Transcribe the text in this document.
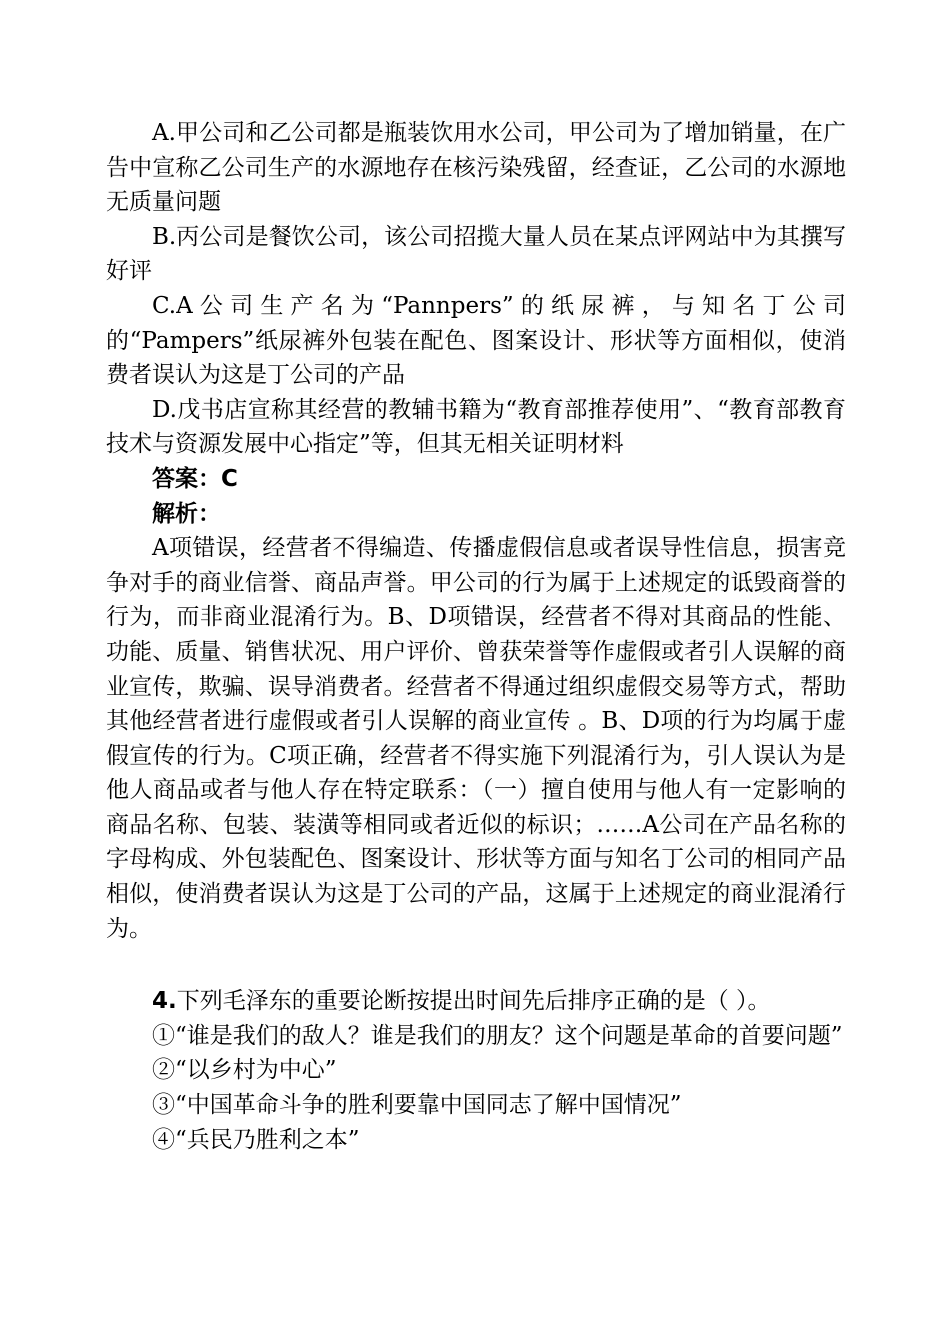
A.甲公司和乙公司都是瓶装饮用水公司，甲公司为了增加销量，在广告中宣称乙公司生产的水源地存在核污染残留，经查证，乙公司的水源地无质量问题

B.丙公司是餐饮公司，该公司招揽大量人员在某点评网站中为其撰写好评

C.A公司生产名为“Pannpers”的纸尿裤，与知名丁公司的“Pampers”纸尿裤外包装在配色、图案设计、形状等方面相似，使消费者误认为这是丁公司的产品

D.戊书店宣称其经营的教辅书籍为“教育部推荐使用”、“教育部教育技术与资源发展中心指定”等，但其无相关证明材料

答案：C

解析：

A项错误，经营者不得编造、传播虚假信息或者误导性信息，损害竞争对手的商业信誉、商品声誉。甲公司的行为属于上述规定的诋毁商誉的行为，而非商业混淆行为。B、D项错误，经营者不得对其商品的性能、功能、质量、销售状况、用户评价、曾获荣誉等作虚假或者引人误解的商业宣传，欺骗、误导消费者。经营者不得通过组织虚假交易等方式，帮助其他经营者进行虚假或者引人误解的商业宣传 。B、D项的行为均属于虚假宣传的行为。C项正确，经营者不得实施下列混淆行为，引人误认为是他人商品或者与他人存在特定联系：（一）擅自使用与他人有一定影响的商品名称、包装、装潢等相同或者近似的标识；……A公司在产品名称的字母构成、外包装配色、图案设计、形状等方面与知名丁公司的相同产品相似，使消费者误认为这是丁公司的产品，这属于上述规定的商业混淆行为。

4.下列毛泽东的重要论断按提出时间先后排序正确的是（ ）。

①“谁是我们的敌人？谁是我们的朋友？这个问题是革命的首要问题”

②“以乡村为中心”

③“中国革命斗争的胜利要靠中国同志了解中国情况”

④“兵民乃胜利之本”
